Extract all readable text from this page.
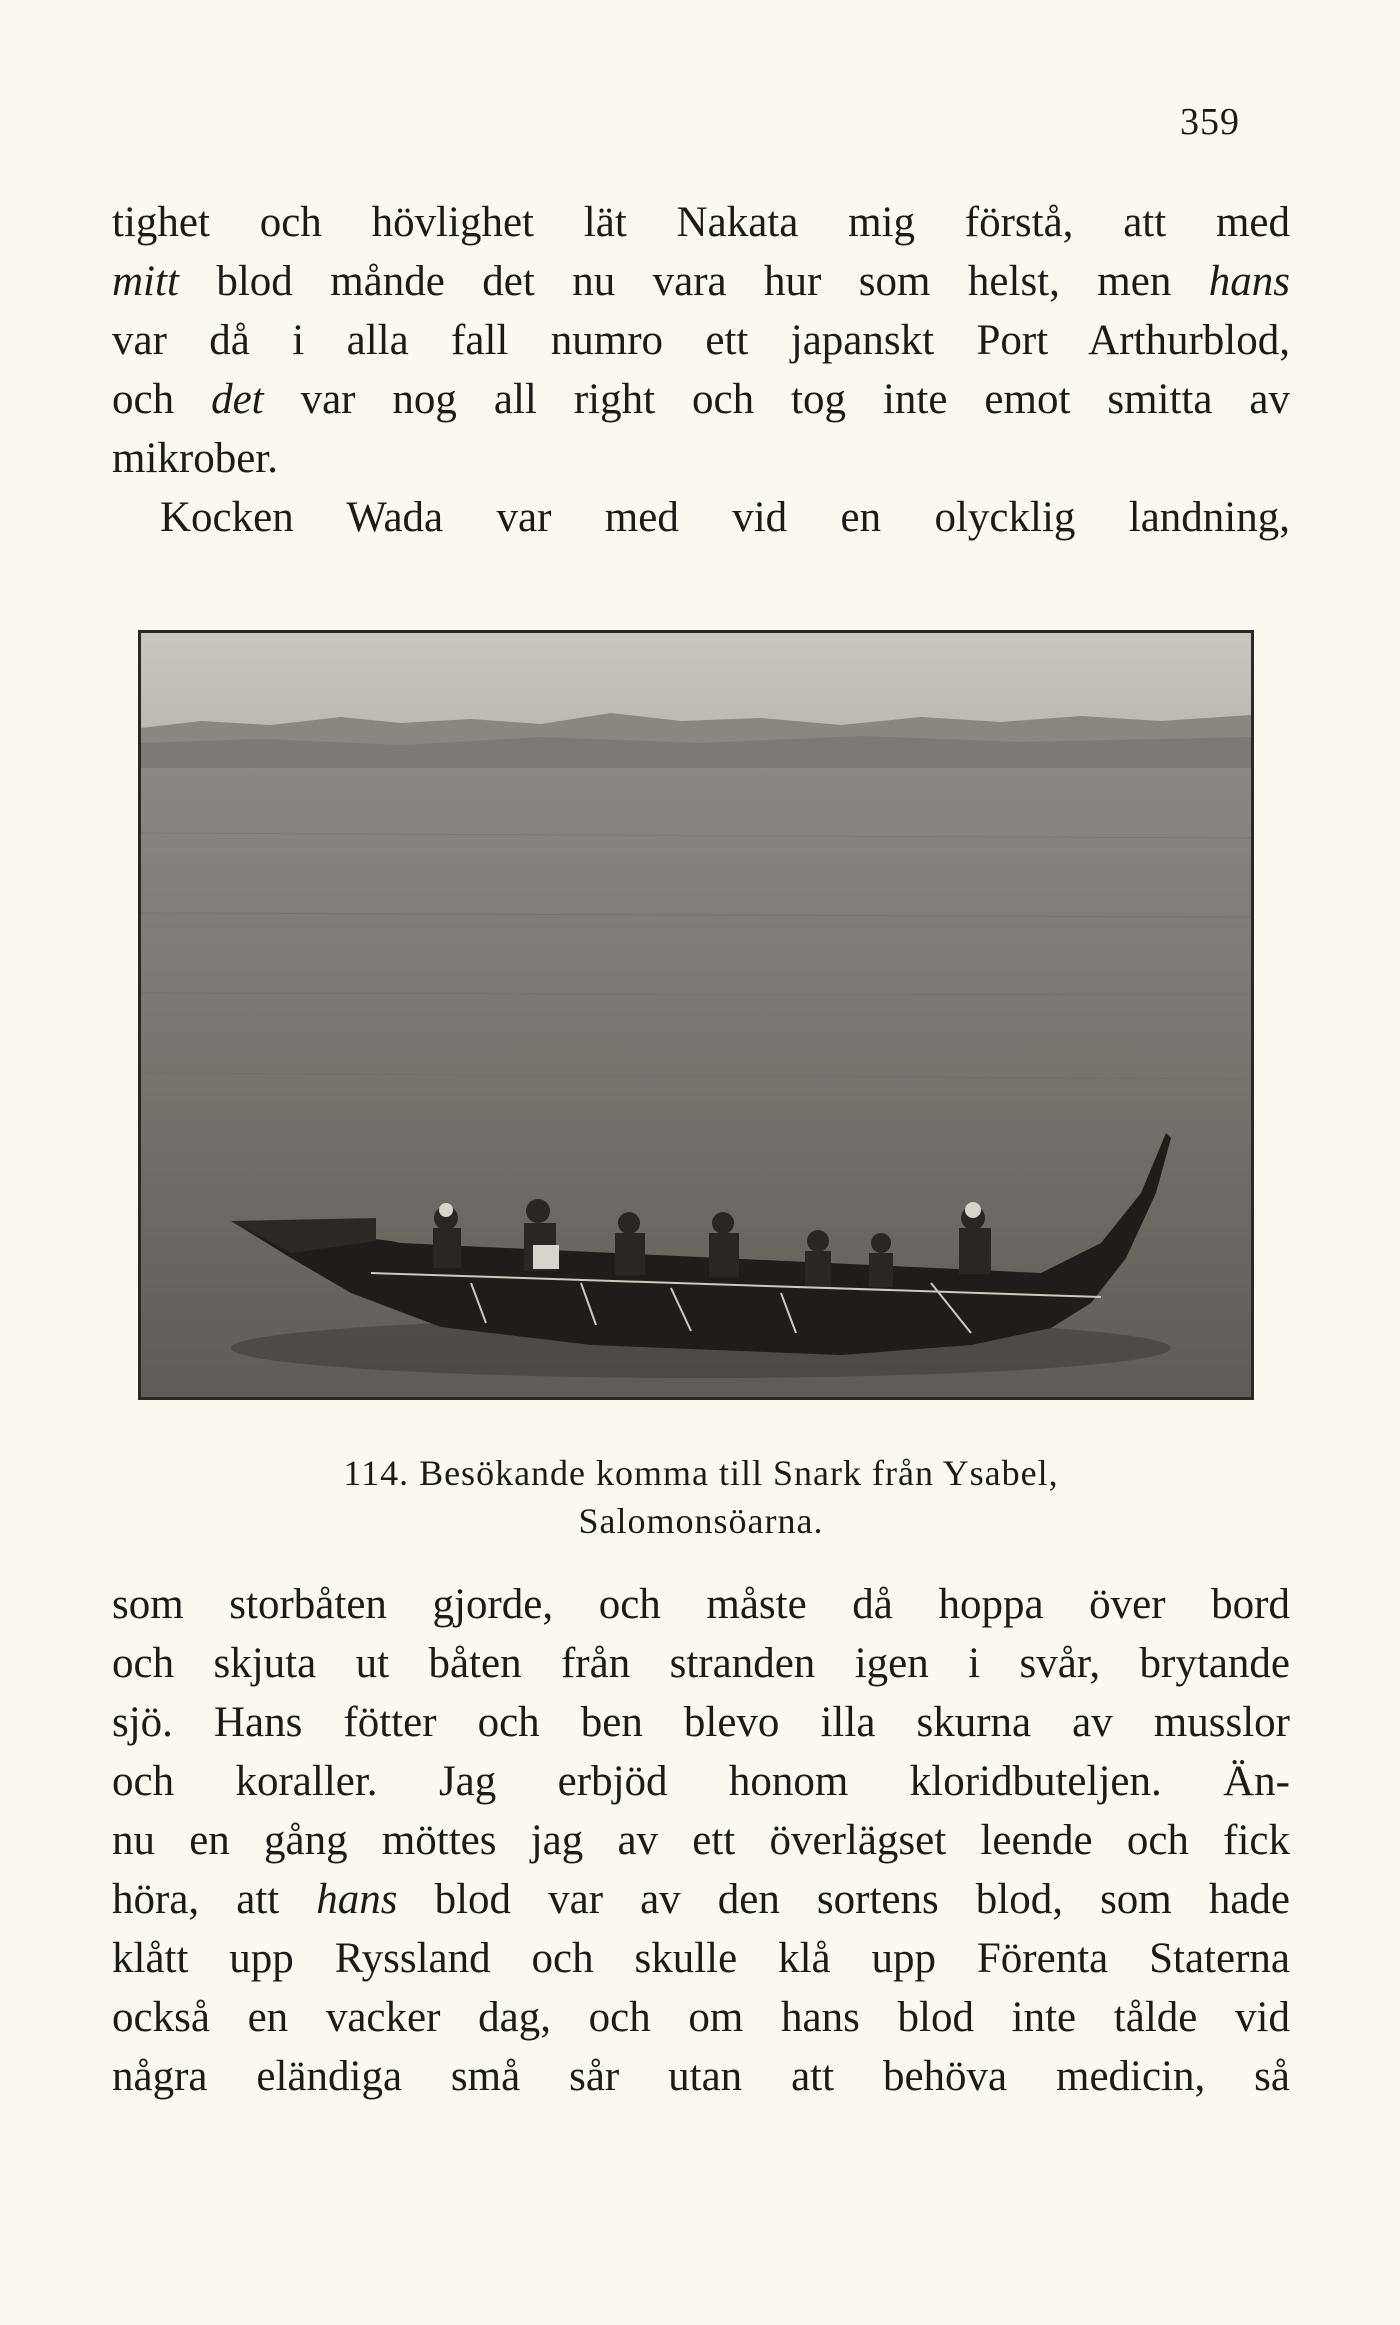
359
tighet och hövlighet lät Nakata mig förstå, att med
mitt blod månde det nu vara hur som helst, men hans
var då i alla fall numro ett japanskt Port Arthurblod,
och det var nog all right och tog inte emot smitta av
mikrober.
Kocken Wada var med vid en olycklig landning,
114. Besökande komma till Snark från Ysabel,
Salomonsöarna.
som storbåten gjorde, och måste då hoppa över bord
och skjuta ut båten från stranden igen i svår, brytande
sjö. Hans fötter och ben blevo illa skurna av musslor
och koraller. Jag erbjöd honom kloridbuteljen. Än-
nu en gång möttes jag av ett överlägset leende och fick
höra, att hans blod var av den sortens blod, som hade
klått upp Ryssland och skulle klå upp Förenta Staterna
också en vacker dag, och om hans blod inte tålde vid
några eländiga små sår utan att behöva medicin, så
